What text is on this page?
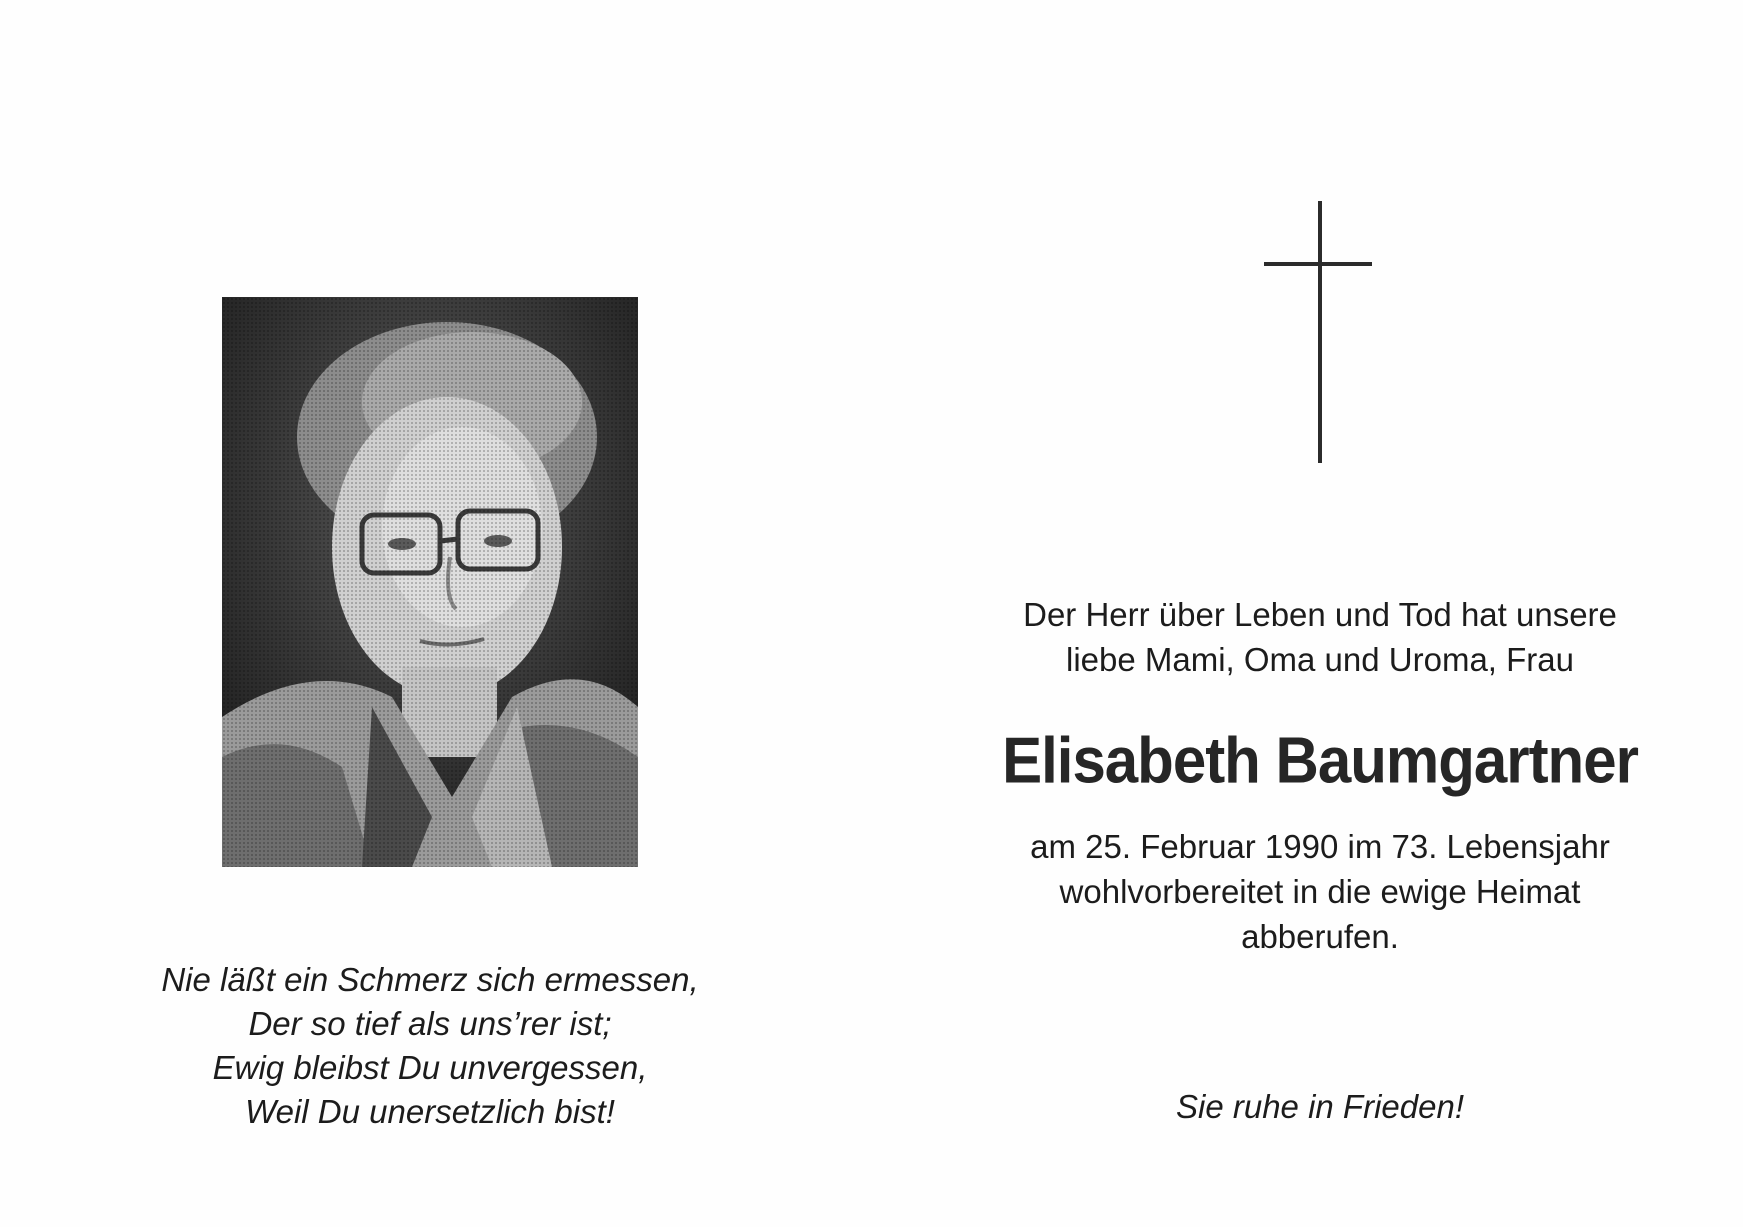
Nie läßt ein Schmerz sich ermessen,
Der so tief als uns’rer ist;
Ewig bleibst Du unvergessen,
Weil Du unersetzlich bist!
Der Herr über Leben und Tod hat unsere
liebe Mami, Oma und Uroma, Frau
Elisabeth Baumgartner
am 25. Februar 1990 im 73. Lebensjahr
wohlvorbereitet in die ewige Heimat
abberufen.
Sie ruhe in Frieden!
